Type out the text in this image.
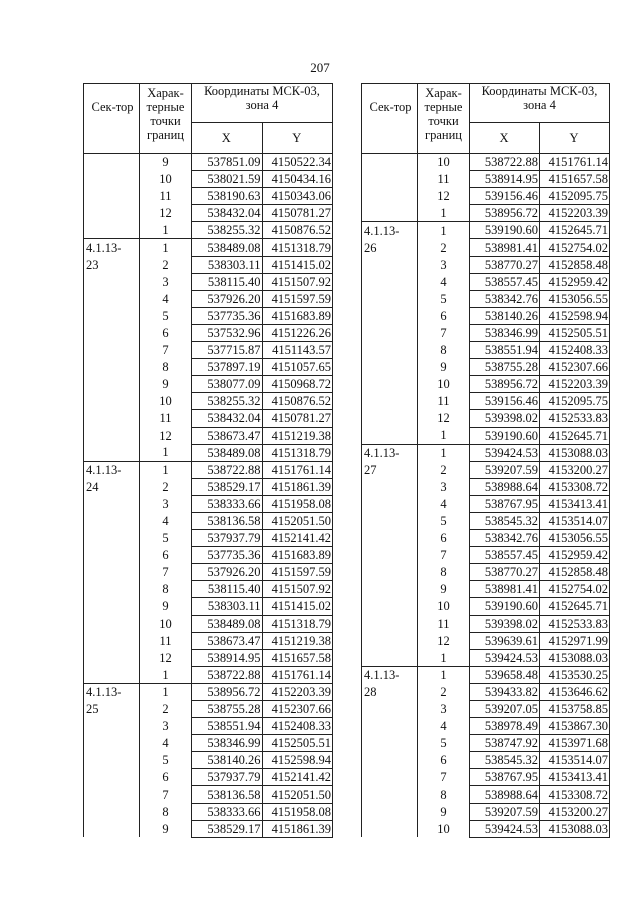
207
Сек-тор	Харак-терные точки границ	Координаты МСК-03, зона 4	
		X	Y
	9	537851.09	4150522.34
	10	538021.59	4150434.16
	11	538190.63	4150343.06
	12	538432.04	4150781.27
	1	538255.32	4150876.52
4.1.13-	1	538489.08	4151318.79
23	2	538303.11	4151415.02
	3	538115.40	4151507.92
	4	537926.20	4151597.59
	5	537735.36	4151683.89
	6	537532.96	4151226.26
	7	537715.87	4151143.57
	8	537897.19	4151057.65
	9	538077.09	4150968.72
	10	538255.32	4150876.52
	11	538432.04	4150781.27
	12	538673.47	4151219.38
	1	538489.08	4151318.79
4.1.13-	1	538722.88	4151761.14
24	2	538529.17	4151861.39
	3	538333.66	4151958.08
	4	538136.58	4152051.50
	5	537937.79	4152141.42
	6	537735.36	4151683.89
	7	537926.20	4151597.59
	8	538115.40	4151507.92
	9	538303.11	4151415.02
	10	538489.08	4151318.79
	11	538673.47	4151219.38
	12	538914.95	4151657.58
	1	538722.88	4151761.14
4.1.13-	1	538956.72	4152203.39
25	2	538755.28	4152307.66
	3	538551.94	4152408.33
	4	538346.99	4152505.51
	5	538140.26	4152598.94
	6	537937.79	4152141.42
	7	538136.58	4152051.50
	8	538333.66	4151958.08
	9	538529.17	4151861.39
Сек-тор	Харак-терные точки границ	Координаты МСК-03, зона 4	
		X	Y
	10	538722.88	4151761.14
	11	538914.95	4151657.58
	12	539156.46	4152095.75
	1	538956.72	4152203.39
4.1.13-	1	539190.60	4152645.71
26	2	538981.41	4152754.02
	3	538770.27	4152858.48
	4	538557.45	4152959.42
	5	538342.76	4153056.55
	6	538140.26	4152598.94
	7	538346.99	4152505.51
	8	538551.94	4152408.33
	9	538755.28	4152307.66
	10	538956.72	4152203.39
	11	539156.46	4152095.75
	12	539398.02	4152533.83
	1	539190.60	4152645.71
4.1.13-	1	539424.53	4153088.03
27	2	539207.59	4153200.27
	3	538988.64	4153308.72
	4	538767.95	4153413.41
	5	538545.32	4153514.07
	6	538342.76	4153056.55
	7	538557.45	4152959.42
	8	538770.27	4152858.48
	9	538981.41	4152754.02
	10	539190.60	4152645.71
	11	539398.02	4152533.83
	12	539639.61	4152971.99
	1	539424.53	4153088.03
4.1.13-	1	539658.48	4153530.25
28	2	539433.82	4153646.62
	3	539207.05	4153758.85
	4	538978.49	4153867.30
	5	538747.92	4153971.68
	6	538545.32	4153514.07
	7	538767.95	4153413.41
	8	538988.64	4153308.72
	9	539207.59	4153200.27
	10	539424.53	4153088.03
